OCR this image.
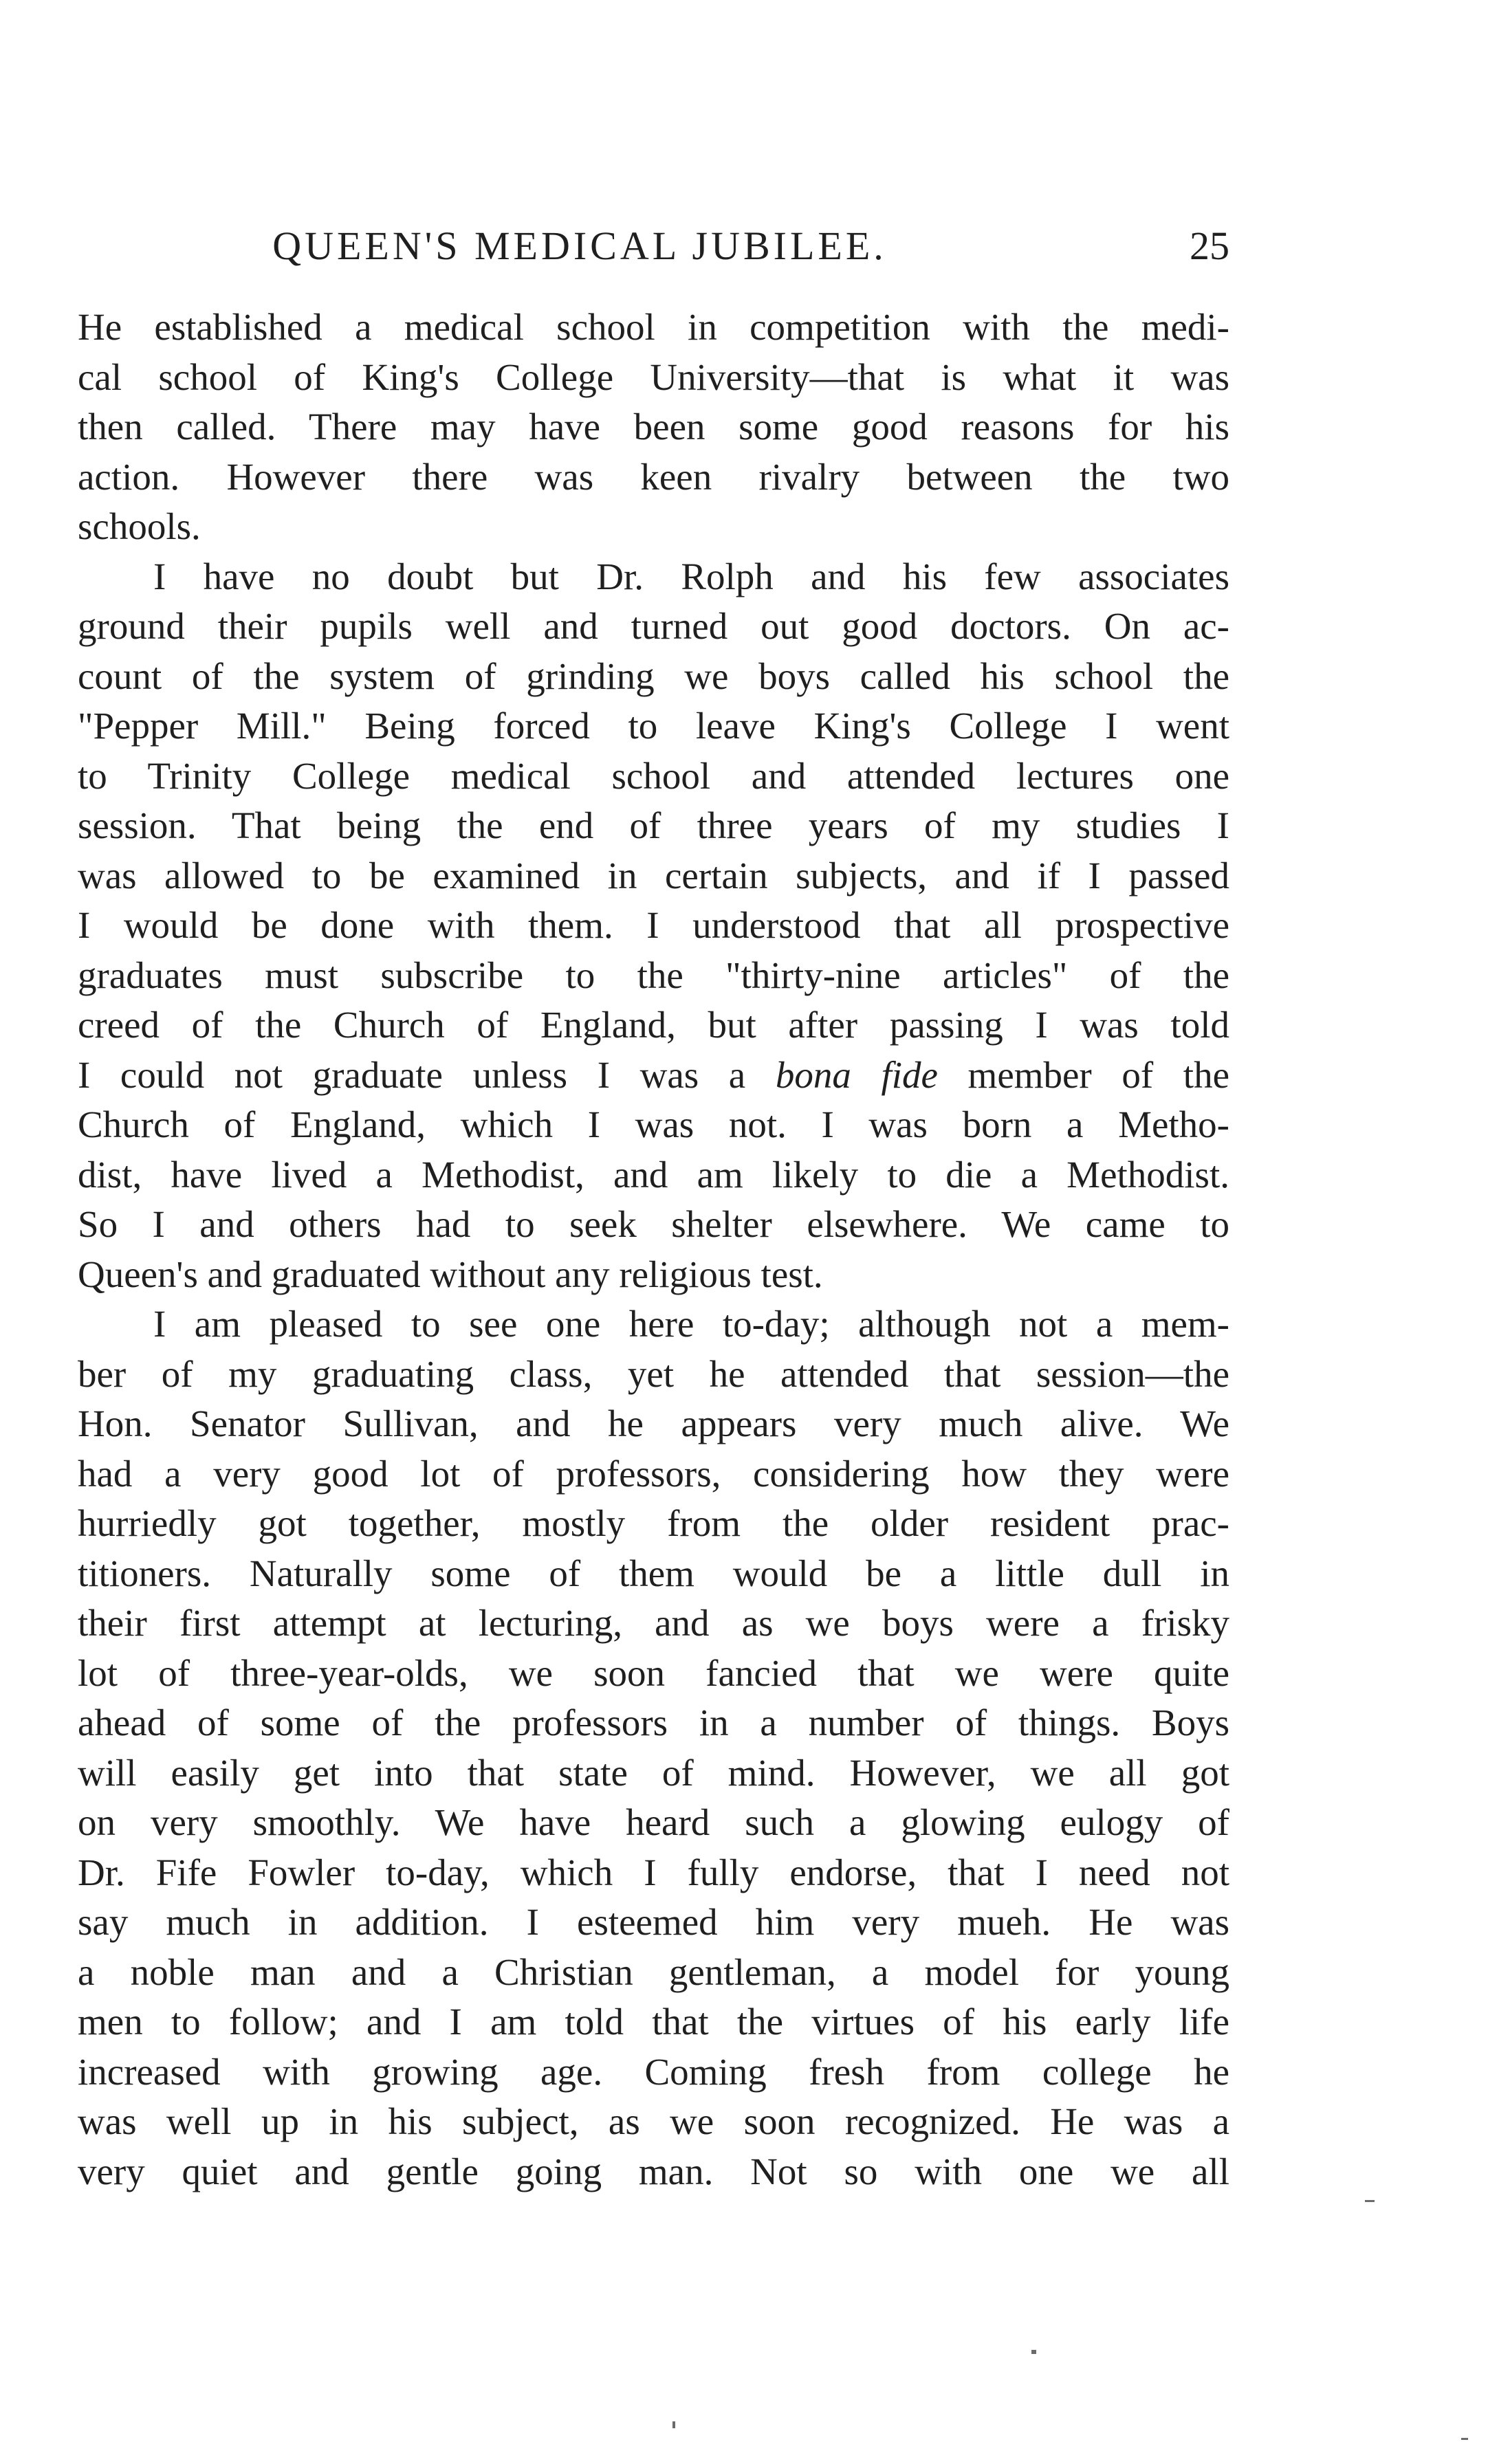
QUEEN'S MEDICAL JUBILEE.	25
He established a medical school in competition with the medi-
cal school of King's College University—that is what it was
then called. There may have been some good reasons for his
action. However there was keen rivalry between the two
schools.
I have no doubt but Dr. Rolph and his few associates
ground their pupils well and turned out good doctors. On ac-
count of the system of grinding we boys called his school the
"Pepper Mill." Being forced to leave King's College I went
to Trinity College medical school and attended lectures one
session. That being the end of three years of my studies I
was allowed to be examined in certain subjects, and if I passed
I would be done with them. I understood that all prospective
graduates must subscribe to the "thirty-nine articles" of the
creed of the Church of England, but after passing I was told
I could not graduate unless I was a bona fide member of the
Church of England, which I was not. I was born a Metho-
dist, have lived a Methodist, and am likely to die a Methodist.
So I and others had to seek shelter elsewhere. We came to
Queen's and graduated without any religious test.
I am pleased to see one here to-day; although not a mem-
ber of my graduating class, yet he attended that session—the
Hon. Senator Sullivan, and he appears very much alive. We
had a very good lot of professors, considering how they were
hurriedly got together, mostly from the older resident prac-
titioners. Naturally some of them would be a little dull in
their first attempt at lecturing, and as we boys were a frisky
lot of three-year-olds, we soon fancied that we were quite
ahead of some of the professors in a number of things. Boys
will easily get into that state of mind. However, we all got
on very smoothly. We have heard such a glowing eulogy of
Dr. Fife Fowler to-day, which I fully endorse, that I need not
say much in addition. I esteemed him very mueh. He was
a noble man and a Christian gentleman, a model for young
men to follow; and I am told that the virtues of his early life
increased with growing age. Coming fresh from college he
was well up in his subject, as we soon recognized. He was a
very quiet and gentle going man. Not so with one we all
